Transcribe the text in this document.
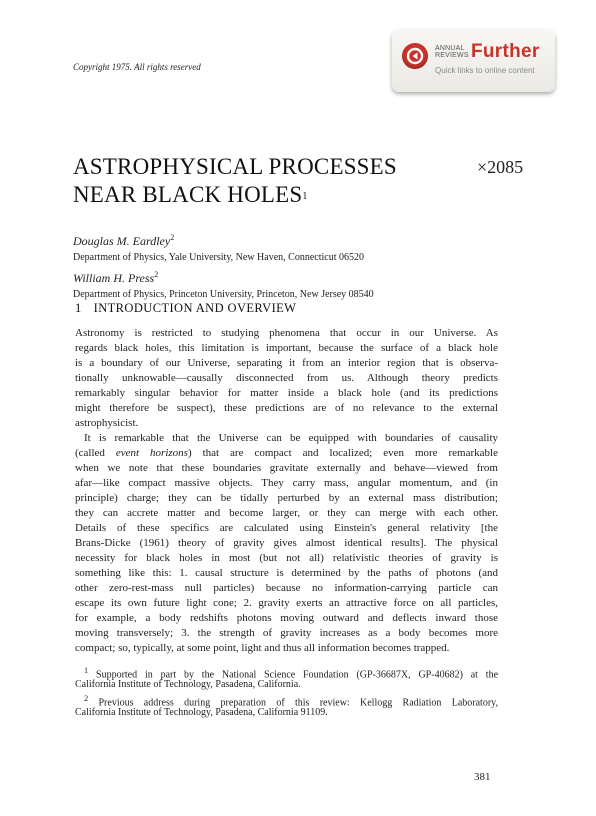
Copyright 1975. All rights reserved
ANNUAL
REVIEWS Further
Quick links to online content
ASTROPHYSICAL PROCESSES
NEAR BLACK $HOLES^1$
×2085
Douglas M. Eardley$^2$
Department of Physics, Yale University, New Haven, Connecticut 06520
William H. Press$^2$
Department of Physics, Princeton University, Princeton, New Jersey 08540
1 INTRODUCTION AND OVERVIEW
Astronomy is restricted to studying phenomena that occur in our Universe. As
regards black holes, this limitation is important, because the surface of a black hole
is a boundary of our Universe, separating it from an interior region that is observa-
tionally unknowable—causally disconnected from us. Although theory predicts
remarkably singular behavior for matter inside a black hole (and its predictions
might therefore be suspect), these predictions are of no relevance to the external
astrophysicist.
It is remarkable that the Universe can be equipped with boundaries of causality
(called event horizons) that are compact and localized; even more remarkable
when we note that these boundaries gravitate externally and behave—viewed from
afar—like compact massive objects. They carry mass, angular momentum, and (in
principle) charge; they can be tidally perturbed by an external mass distribution;
they can accrete matter and become larger, or they can merge with each other.
Details of these specifics are calculated using Einstein's general relativity [the
Brans-Dicke (1961) theory of gravity gives almost identical results]. The physical
necessity for black holes in most (but not all) relativistic theories of gravity is
something like this: 1. causal structure is determined by the paths of photons (and
other zero-rest-mass null particles) because no information-carrying particle can
escape its own future light cone; 2. gravity exerts an attractive force on all particles,
for example, a body redshifts photons moving outward and deflects inward those
moving transversely; 3. the strength of gravity increases as a body becomes more
compact; so, typically, at some point, light and thus all information becomes trapped.
$^1$ Supported in part by the National Science Foundation (GP-36687X, GP-40682) at the
California Institute of Technology, Pasadena, California.
$^2$ Previous address during preparation of this review: Kellogg Radiation Laboratory,
California Institute of Technology, Pasadena, California 91109.
381
